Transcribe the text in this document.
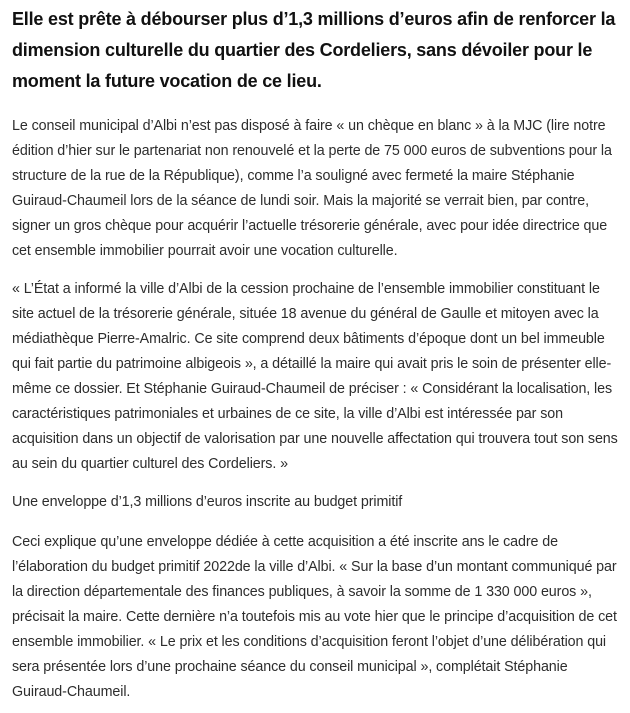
Elle est prête à débourser plus d’1,3 millions d’euros afin de renforcer la dimension culturelle du quartier des Cordeliers, sans dévoiler pour le moment la future vocation de ce lieu.

Le conseil municipal d’Albi n’est pas disposé à faire « un chèque en blanc » à la MJC (lire notre édition d’hier sur le partenariat non renouvelé et la perte de 75 000 euros de subventions pour la structure de la rue de la République), comme l’a souligné avec fermeté la maire Stéphanie Guiraud-Chaumeil lors de la séance de lundi soir. Mais la majorité se verrait bien, par contre, signer un gros chèque pour acquérir l’actuelle trésorerie générale, avec pour idée directrice que cet ensemble immobilier pourrait avoir une vocation culturelle.

« L’État a informé la ville d’Albi de la cession prochaine de l’ensemble immobilier constituant le site actuel de la trésorerie générale, située 18 avenue du général de Gaulle et mitoyen avec la médiathèque Pierre-Amalric. Ce site comprend deux bâtiments d’époque dont un bel immeuble qui fait partie du patrimoine albigeois », a détaillé la maire qui avait pris le soin de présenter elle-même ce dossier. Et Stéphanie Guiraud-Chaumeil de préciser : « Considérant la localisation, les caractéristiques patrimoniales et urbaines de ce site, la ville d’Albi est intéressée par son acquisition dans un objectif de valorisation par une nouvelle affectation qui trouvera tout son sens au sein du quartier culturel des Cordeliers. »

Une enveloppe d’1,3 millions d’euros inscrite au budget primitif

Ceci explique qu’une enveloppe dédiée à cette acquisition a été inscrite ans le cadre de l’élaboration du budget primitif 2022de la ville d’Albi. « Sur la base d’un montant communiqué par la direction départementale des finances publiques, à savoir la somme de 1 330 000 euros », précisait la maire. Cette dernière n’a toutefois mis au vote hier que le principe d’acquisition de cet ensemble immobilier. « Le prix et les conditions d’acquisition feront l’objet d’une délibération qui sera présentée lors d’une prochaine séance du conseil municipal », complétait Stéphanie Guiraud-Chaumeil.
